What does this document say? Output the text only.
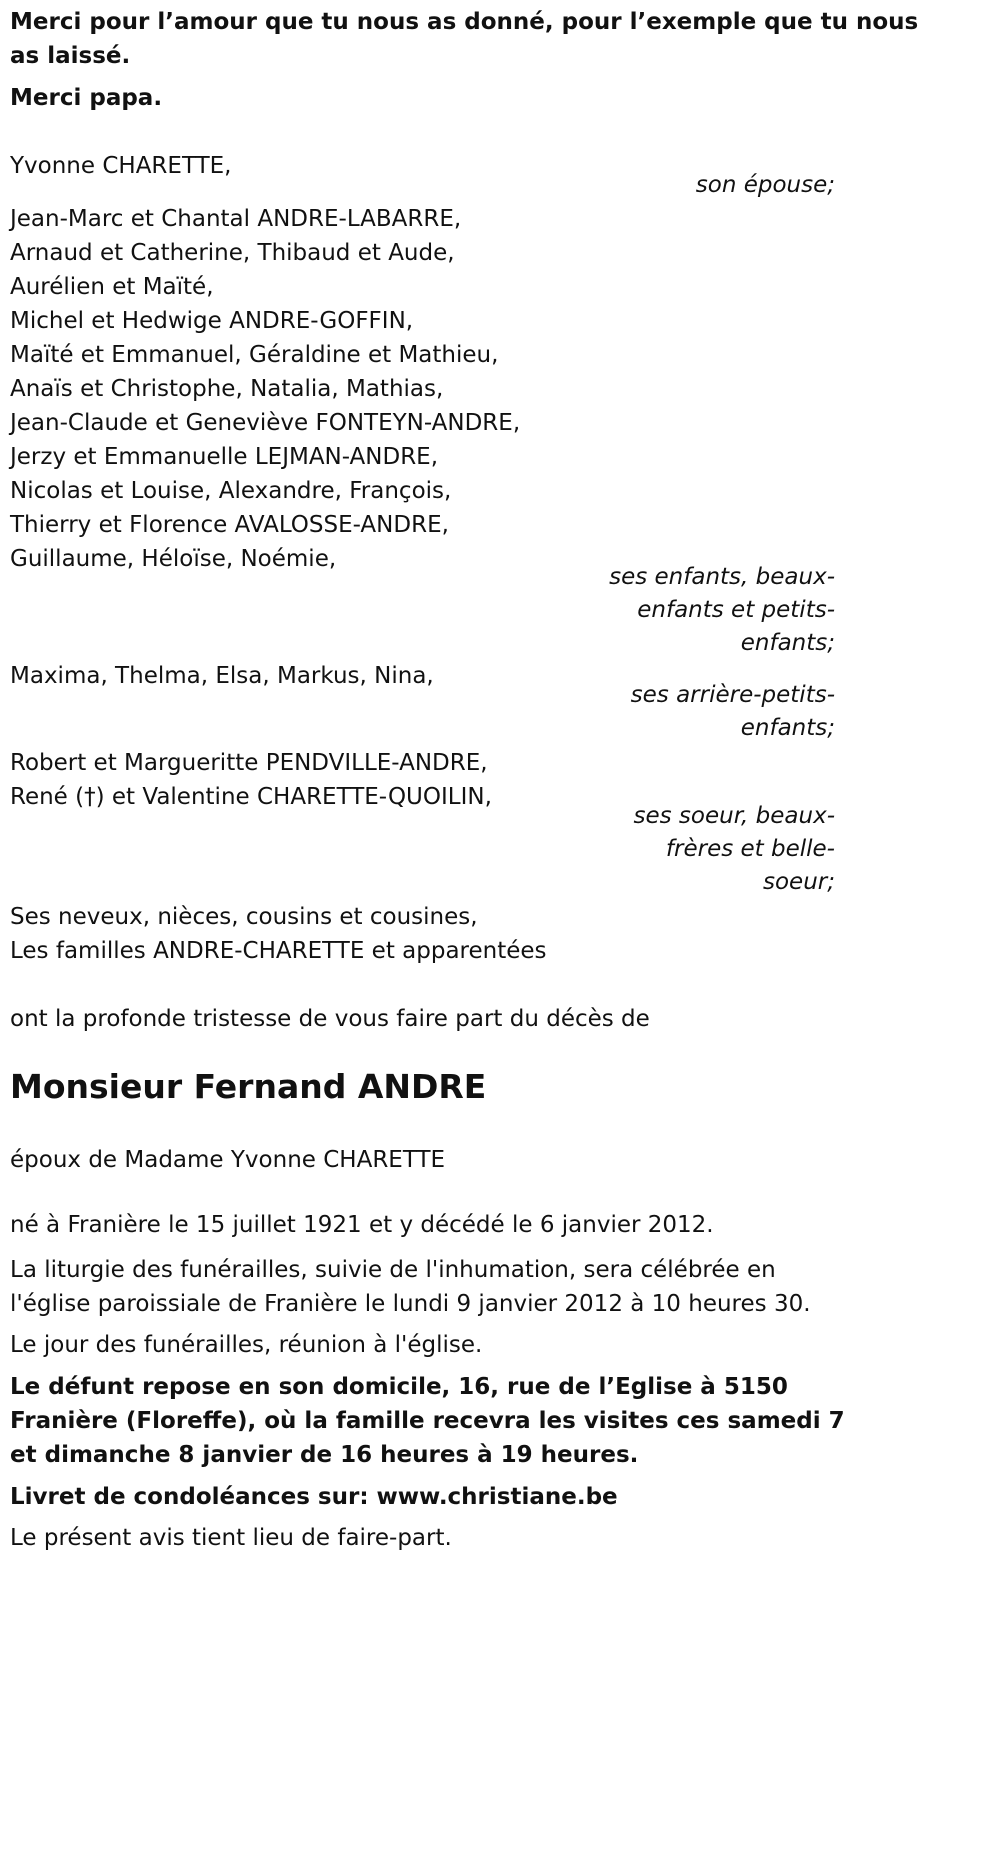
Merci pour l’amour que tu nous as donné, pour l’exemple que tu nous
as laissé.
Merci papa.
Yvonne CHARETTE,
son épouse;
Jean-Marc et Chantal ANDRE-LABARRE,
Arnaud et Catherine, Thibaud et Aude,
Aurélien et Maïté,
Michel et Hedwige ANDRE-GOFFIN,
Maïté et Emmanuel, Géraldine et Mathieu,
Anaïs et Christophe, Natalia, Mathias,
Jean-Claude et Geneviève FONTEYN-ANDRE,
Jerzy et Emmanuelle LEJMAN-ANDRE,
Nicolas et Louise, Alexandre, François,
Thierry et Florence AVALOSSE-ANDRE,
Guillaume, Héloïse, Noémie,
ses enfants, beaux-
enfants et petits-
enfants;
Maxima, Thelma, Elsa, Markus, Nina,
ses arrière-petits-
enfants;
Robert et Margueritte PENDVILLE-ANDRE,
René (†) et Valentine CHARETTE-QUOILIN,
ses soeur, beaux-
frères et belle-
soeur;
Ses neveux, nièces, cousins et cousines,
Les familles ANDRE-CHARETTE et apparentées
ont la profonde tristesse de vous faire part du décès de
Monsieur Fernand ANDRE
époux de Madame Yvonne CHARETTE
né à Franière le 15 juillet 1921 et y décédé le 6 janvier 2012.
La liturgie des funérailles, suivie de l'inhumation, sera célébrée en l'église paroissiale de Franière le lundi 9 janvier 2012 à 10 heures 30.
Le jour des funérailles, réunion à l'église.
Le défunt repose en son domicile, 16, rue de l’Eglise à 5150 Franière (Floreffe), où la famille recevra les visites ces samedi 7 et dimanche 8 janvier de 16 heures à 19 heures.
Livret de condoléances sur: www.christiane.be
Le présent avis tient lieu de faire-part.
